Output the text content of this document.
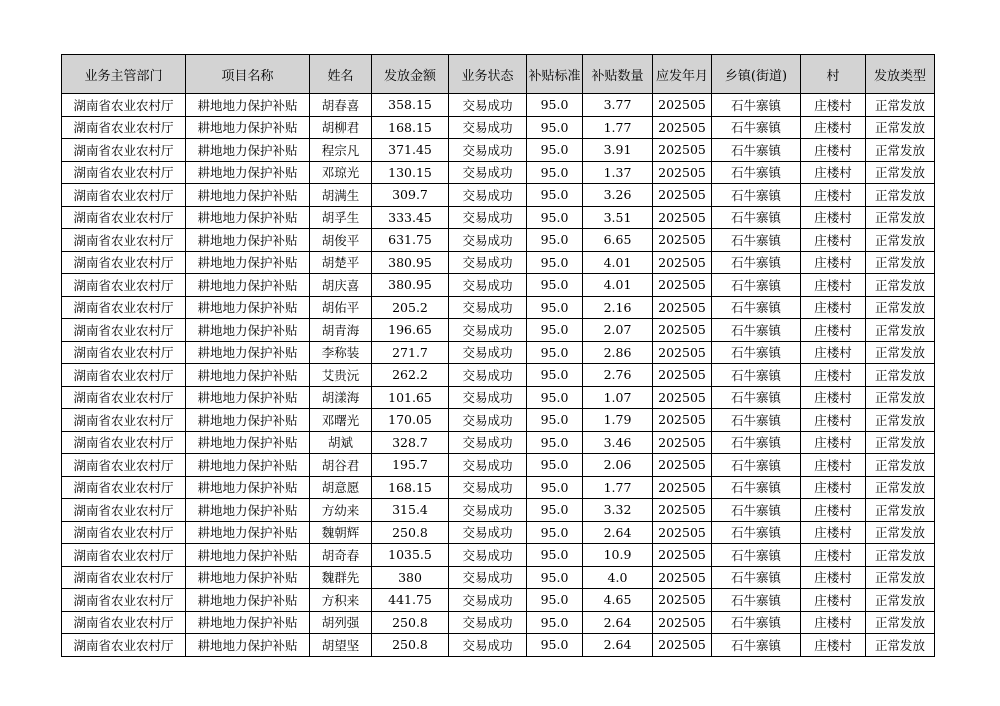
业务主管部门	项目名称	姓名	发放金额	业务状态	补贴标准	补贴数量	应发年月	乡镇(街道)	村	发放类型
湖南省农业农村厅	耕地地力保护补贴	胡春喜	358.15	交易成功	95.0	3.77	202505	石牛寨镇	庄楼村	正常发放
湖南省农业农村厅	耕地地力保护补贴	胡柳君	168.15	交易成功	95.0	1.77	202505	石牛寨镇	庄楼村	正常发放
湖南省农业农村厅	耕地地力保护补贴	程宗凡	371.45	交易成功	95.0	3.91	202505	石牛寨镇	庄楼村	正常发放
湖南省农业农村厅	耕地地力保护补贴	邓琼光	130.15	交易成功	95.0	1.37	202505	石牛寨镇	庄楼村	正常发放
湖南省农业农村厅	耕地地力保护补贴	胡满生	309.7	交易成功	95.0	3.26	202505	石牛寨镇	庄楼村	正常发放
湖南省农业农村厅	耕地地力保护补贴	胡孚生	333.45	交易成功	95.0	3.51	202505	石牛寨镇	庄楼村	正常发放
湖南省农业农村厅	耕地地力保护补贴	胡俊平	631.75	交易成功	95.0	6.65	202505	石牛寨镇	庄楼村	正常发放
湖南省农业农村厅	耕地地力保护补贴	胡楚平	380.95	交易成功	95.0	4.01	202505	石牛寨镇	庄楼村	正常发放
湖南省农业农村厅	耕地地力保护补贴	胡庆喜	380.95	交易成功	95.0	4.01	202505	石牛寨镇	庄楼村	正常发放
湖南省农业农村厅	耕地地力保护补贴	胡佑平	205.2	交易成功	95.0	2.16	202505	石牛寨镇	庄楼村	正常发放
湖南省农业农村厅	耕地地力保护补贴	胡青海	196.65	交易成功	95.0	2.07	202505	石牛寨镇	庄楼村	正常发放
湖南省农业农村厅	耕地地力保护补贴	李称装	271.7	交易成功	95.0	2.86	202505	石牛寨镇	庄楼村	正常发放
湖南省农业农村厅	耕地地力保护补贴	艾贵沅	262.2	交易成功	95.0	2.76	202505	石牛寨镇	庄楼村	正常发放
湖南省农业农村厅	耕地地力保护补贴	胡漾海	101.65	交易成功	95.0	1.07	202505	石牛寨镇	庄楼村	正常发放
湖南省农业农村厅	耕地地力保护补贴	邓曙光	170.05	交易成功	95.0	1.79	202505	石牛寨镇	庄楼村	正常发放
湖南省农业农村厅	耕地地力保护补贴	胡斌	328.7	交易成功	95.0	3.46	202505	石牛寨镇	庄楼村	正常发放
湖南省农业农村厅	耕地地力保护补贴	胡谷君	195.7	交易成功	95.0	2.06	202505	石牛寨镇	庄楼村	正常发放
湖南省农业农村厅	耕地地力保护补贴	胡意愿	168.15	交易成功	95.0	1.77	202505	石牛寨镇	庄楼村	正常发放
湖南省农业农村厅	耕地地力保护补贴	方幼来	315.4	交易成功	95.0	3.32	202505	石牛寨镇	庄楼村	正常发放
湖南省农业农村厅	耕地地力保护补贴	魏朝辉	250.8	交易成功	95.0	2.64	202505	石牛寨镇	庄楼村	正常发放
湖南省农业农村厅	耕地地力保护补贴	胡奇春	1035.5	交易成功	95.0	10.9	202505	石牛寨镇	庄楼村	正常发放
湖南省农业农村厅	耕地地力保护补贴	魏群先	380	交易成功	95.0	4.0	202505	石牛寨镇	庄楼村	正常发放
湖南省农业农村厅	耕地地力保护补贴	方积来	441.75	交易成功	95.0	4.65	202505	石牛寨镇	庄楼村	正常发放
湖南省农业农村厅	耕地地力保护补贴	胡列强	250.8	交易成功	95.0	2.64	202505	石牛寨镇	庄楼村	正常发放
湖南省农业农村厅	耕地地力保护补贴	胡望坚	250.8	交易成功	95.0	2.64	202505	石牛寨镇	庄楼村	正常发放
